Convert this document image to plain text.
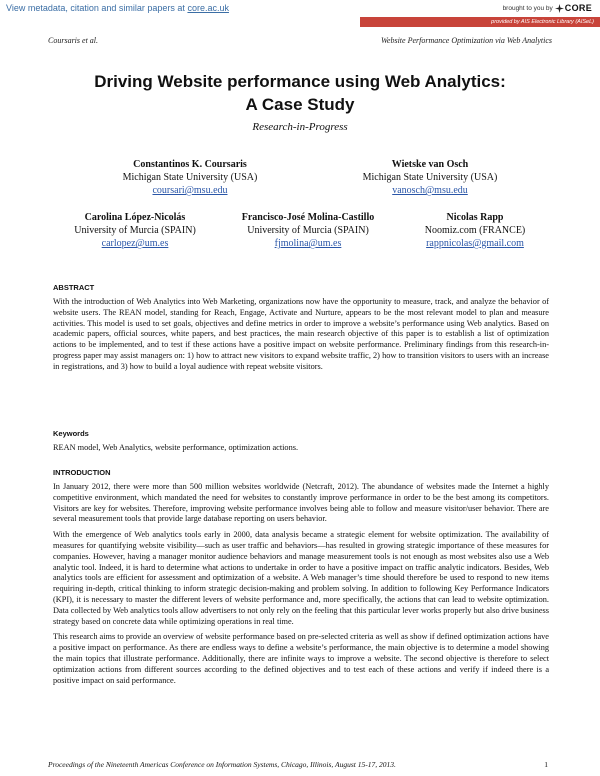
View metadata, citation and similar papers at core.ac.uk	brought to you by CORE
provided by AIS Electronic Library (AISeL)
Coursaris et al.	Website Performance Optimization via Web Analytics
Driving Website performance using Web Analytics:
A Case Study
Research-in-Progress
Constantinos K. Coursaris
Michigan State University (USA)
coursari@msu.edu
Wietske van Osch
Michigan State University (USA)
vanosch@msu.edu
Carolina López-Nicolás
University of Murcia (SPAIN)
carlopez@um.es
Francisco-José Molina-Castillo
University of Murcia (SPAIN)
fjmolina@um.es
Nicolas Rapp
Noomiz.com (FRANCE)
rappnicolas@gmail.com
ABSTRACT
With the introduction of Web Analytics into Web Marketing, organizations now have the opportunity to measure, track, and analyze the behavior of website users. The REAN model, standing for Reach, Engage, Activate and Nurture, appears to be the most relevant model to plan and measure activities. This model is used to set goals, objectives and define metrics in order to improve a website’s performance using Web analytics. Based on academic papers, official sources, white papers, and best practices, the main research objective of this paper is to establish a list of optimization actions to be implemented, and to test if these actions have a positive impact on website performance. Preliminary findings from this research-in-progress paper may assist managers on: 1) how to attract new visitors to expand website traffic, 2) how to transition visitors to users with an increase in registrations, and 3) how to build a loyal audience with repeat website visitors.
Keywords
REAN model, Web Analytics, website performance, optimization actions.
INTRODUCTION
In January 2012, there were more than 500 million websites worldwide (Netcraft, 2012). The abundance of websites made the Internet a highly competitive environment, which mandated the need for websites to constantly improve performance in order to be the best among its competitors. Visitors are key for websites. Therefore, improving website performance involves being able to follow and measure visitor/user behavior. There are several measurement tools that provide large database reporting on users behavior.
With the emergence of Web analytics tools early in 2000, data analysis became a strategic element for website optimization. The availability of measures for quantifying website visibility—such as user traffic and behaviors—has resulted in growing strategic importance of these measures for companies. However, having a manager monitor audience behaviors and manage measurement tools is not enough as most websites also use a Web analytic tool. Indeed, it is hard to determine what actions to undertake in order to have a positive impact on traffic analytic indicators. Besides, Web analytics tools are efficient for assessment and optimization of a website. A Web manager’s time should therefore be used to respond to new items requiring in-depth, critical thinking to inform strategic decision-making and problem solving. In addition to following Key Performance Indicators (KPI), it is necessary to master the different levers of website performance and, more specifically, the actions that can lead to website optimization. Data collected by Web analytics tools allow advertisers to not only rely on the feeling that this particular lever works properly but also drive business strategy based on concrete data while optimizing operations in real time.
This research aims to provide an overview of website performance based on pre-selected criteria as well as show if defined optimization actions have a positive impact on performance. As there are endless ways to define a website’s performance, the main objective is to determine a model showing the main topics that illustrate performance. Additionally, there are infinite ways to improve a website. The second objective is therefore to select optimization actions from different sources according to the defined objectives and to test each of these actions and verify if indeed there is a positive impact on said performance.
Proceedings of the Nineteenth Americas Conference on Information Systems, Chicago, Illinois, August 15-17, 2013.	1
